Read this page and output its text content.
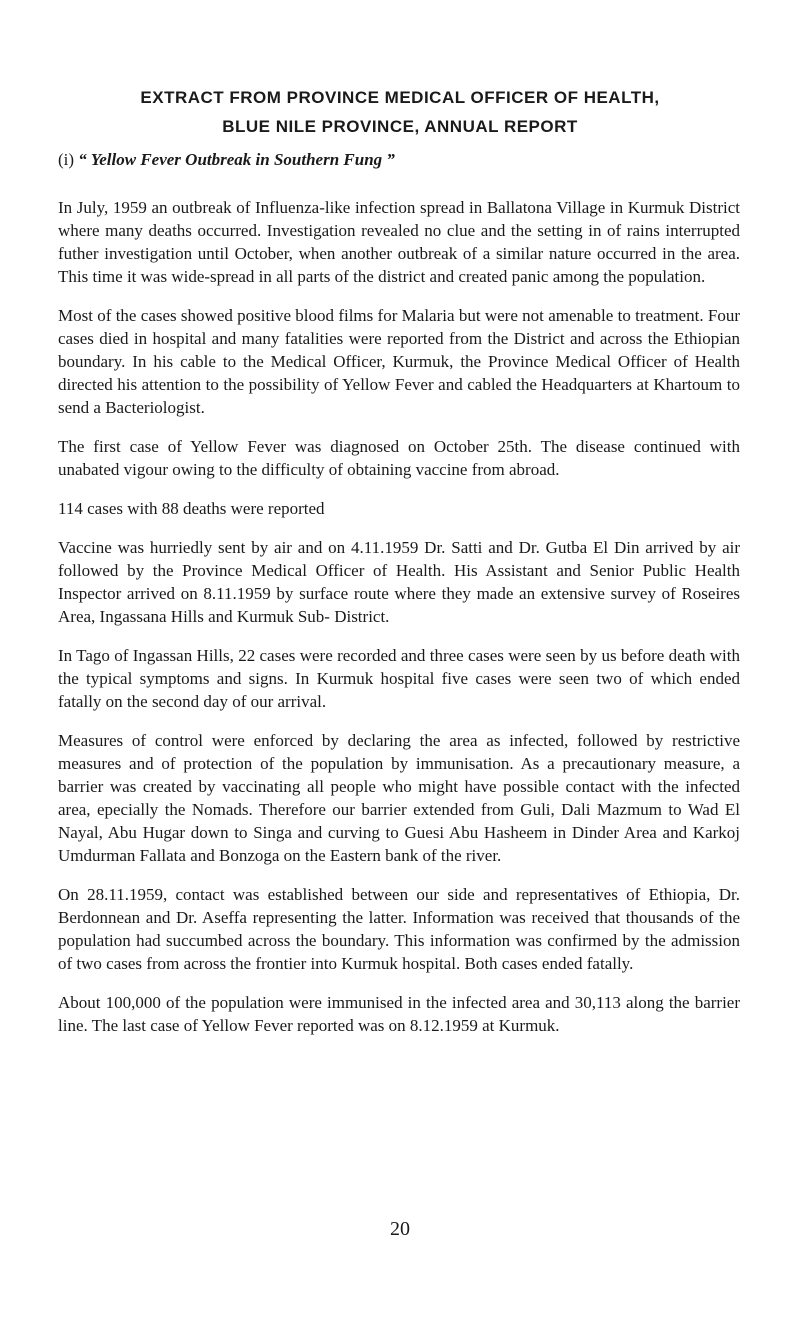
EXTRACT FROM PROVINCE MEDICAL OFFICER OF HEALTH,
BLUE NILE PROVINCE, ANNUAL REPORT

(i) “ Yellow Fever Outbreak in Southern Fung ”

In July, 1959 an outbreak of Influenza-like infection spread in Ballatona Village in Kurmuk District where many deaths occurred. Investigation revealed no clue and the setting in of rains interrupted futher investigation until October, when another outbreak of a similar nature occurred in the area. This time it was wide-spread in all parts of the district and created panic among the population.

Most of the cases showed positive blood films for Malaria but were not amenable to treatment. Four cases died in hospital and many fatalities were reported from the District and across the Ethiopian boundary. In his cable to the Medical Officer, Kurmuk, the Province Medical Officer of Health directed his attention to the possibility of Yellow Fever and cabled the Headquarters at Khartoum to send a Bacteriologist.

The first case of Yellow Fever was diagnosed on October 25th. The disease continued with unabated vigour owing to the difficulty of obtaining vaccine from abroad.

114 cases with 88 deaths were reported

Vaccine was hurriedly sent by air and on 4.11.1959 Dr. Satti and Dr. Gutba El Din arrived by air followed by the Province Medical Officer of Health. His Assistant and Senior Public Health Inspector arrived on 8.11.1959 by surface route where they made an extensive survey of Roseires Area, Ingassana Hills and Kurmuk Sub- District.

In Tago of Ingassan Hills, 22 cases were recorded and three cases were seen by us before death with the typical symptoms and signs. In Kurmuk hospital five cases were seen two of which ended fatally on the second day of our arrival.

Measures of control were enforced by declaring the area as infected, followed by restrictive measures and of protection of the population by immunisation. As a precautionary measure, a barrier was created by vaccinating all people who might have possible contact with the infected area, epecially the Nomads. Therefore our barrier extended from Guli, Dali Mazmum to Wad El Nayal, Abu Hugar down to Singa and curving to Guesi Abu Hasheem in Dinder Area and Karkoj Umdurman Fallata and Bonzoga on the Eastern bank of the river.

On 28.11.1959, contact was established between our side and representatives of Ethiopia, Dr. Berdonnean and Dr. Aseffa representing the latter. Information was received that thousands of the population had succumbed across the boundary. This information was confirmed by the admission of two cases from across the frontier into Kurmuk hospital. Both cases ended fatally.

About 100,000 of the population were immunised in the infected area and 30,113 along the barrier line. The last case of Yellow Fever reported was on 8.12.1959 at Kurmuk.

20
